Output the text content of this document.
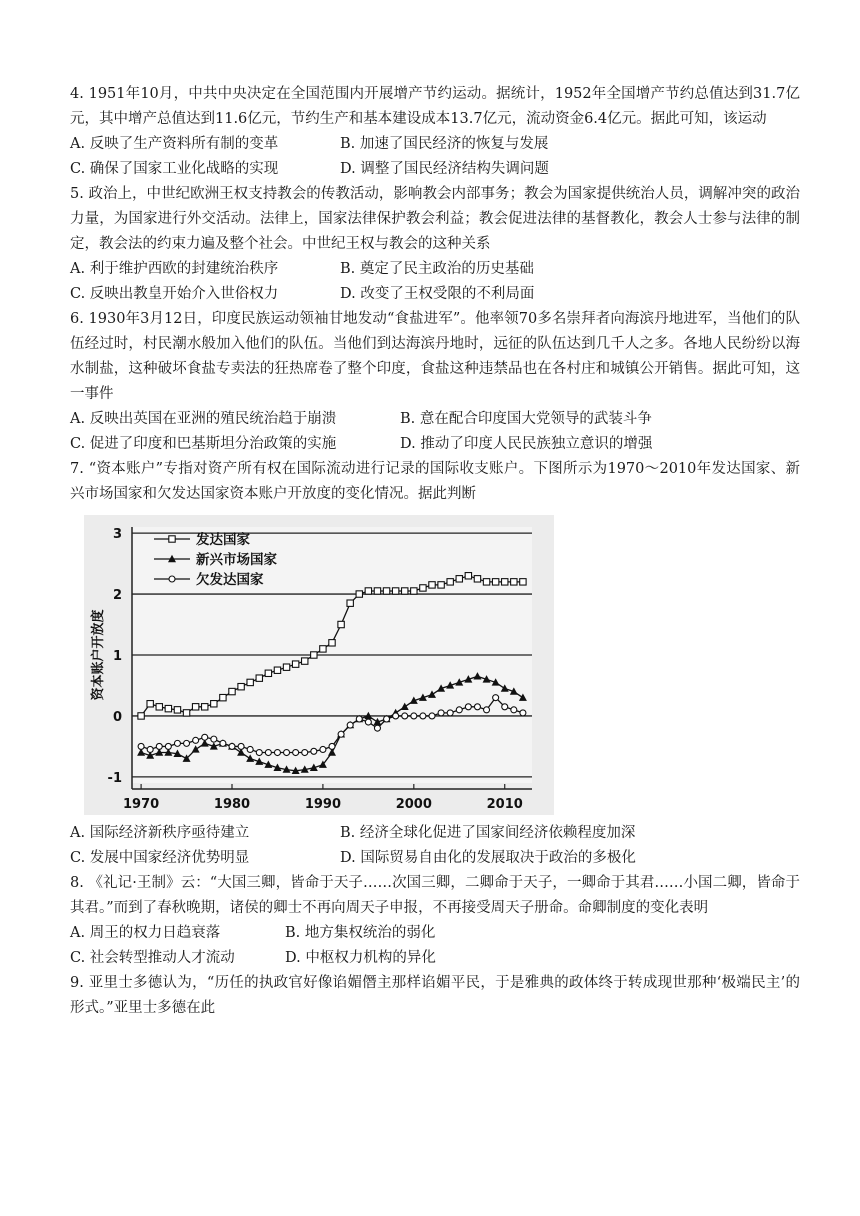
4. 1951年10月，中共中央决定在全国范围内开展增产节约运动。据统计，1952年全国增产节约总值达到31.7亿元，其中增产总值达到11.6亿元，节约生产和基本建设成本13.7亿元，流动资金6.4亿元。据此可知，该运动

A. 反映了生产资料所有制的变革	B. 加速了国民经济的恢复与发展
C. 确保了国家工业化战略的实现	D. 调整了国民经济结构失调问题

5. 政治上，中世纪欧洲王权支持教会的传教活动，影响教会内部事务；教会为国家提供统治人员，调解冲突的政治力量，为国家进行外交活动。法律上，国家法律保护教会利益；教会促进法律的基督教化，教会人士参与法律的制定，教会法的约束力遍及整个社会。中世纪王权与教会的这种关系

A. 利于维护西欧的封建统治秩序	B. 奠定了民主政治的历史基础
C. 反映出教皇开始介入世俗权力	D. 改变了王权受限的不利局面

6. 1930年3月12日，印度民族运动领袖甘地发动“食盐进军”。他率领70多名崇拜者向海滨丹地进军，当他们的队伍经过时，村民潮水般加入他们的队伍。当他们到达海滨丹地时，远征的队伍达到几千人之多。各地人民纷纷以海水制盐，这种破坏食盐专卖法的狂热席卷了整个印度，食盐这种违禁品也在各村庄和城镇公开销售。据此可知，这一事件

A. 反映出英国在亚洲的殖民统治趋于崩溃	B. 意在配合印度国大党领导的武装斗争
C. 促进了印度和巴基斯坦分治政策的实施	D. 推动了印度人民民族独立意识的增强

7. “资本账户”专指对资产所有权在国际流动进行记录的国际收支账户。下图所示为1970～2010年发达国家、新兴市场国家和欠发达国家资本账户开放度的变化情况。据此判断

-1
0
1
2
3
1970	1980	1990	2000	2010
资本账户开放度
发达国家
新兴市场国家
欠发达国家
A. 国际经济新秩序亟待建立	B. 经济全球化促进了国家间经济依赖程度加深
C. 发展中国家经济优势明显	D. 国际贸易自由化的发展取决于政治的多极化

8. 《礼记·王制》云：“大国三卿，皆命于天子……次国三卿，二卿命于天子，一卿命于其君……小国二卿，皆命于其君。”而到了春秋晚期，诸侯的卿士不再向周天子申报，不再接受周天子册命。命卿制度的变化表明

A. 周王的权力日趋衰落	B. 地方集权统治的弱化
C. 社会转型推动人才流动	D. 中枢权力机构的异化

9. 亚里士多德认为，“历任的执政官好像谄媚僭主那样谄媚平民，于是雅典的政体终于转成现世那种‘极端民主’的形式。”亚里士多德在此
